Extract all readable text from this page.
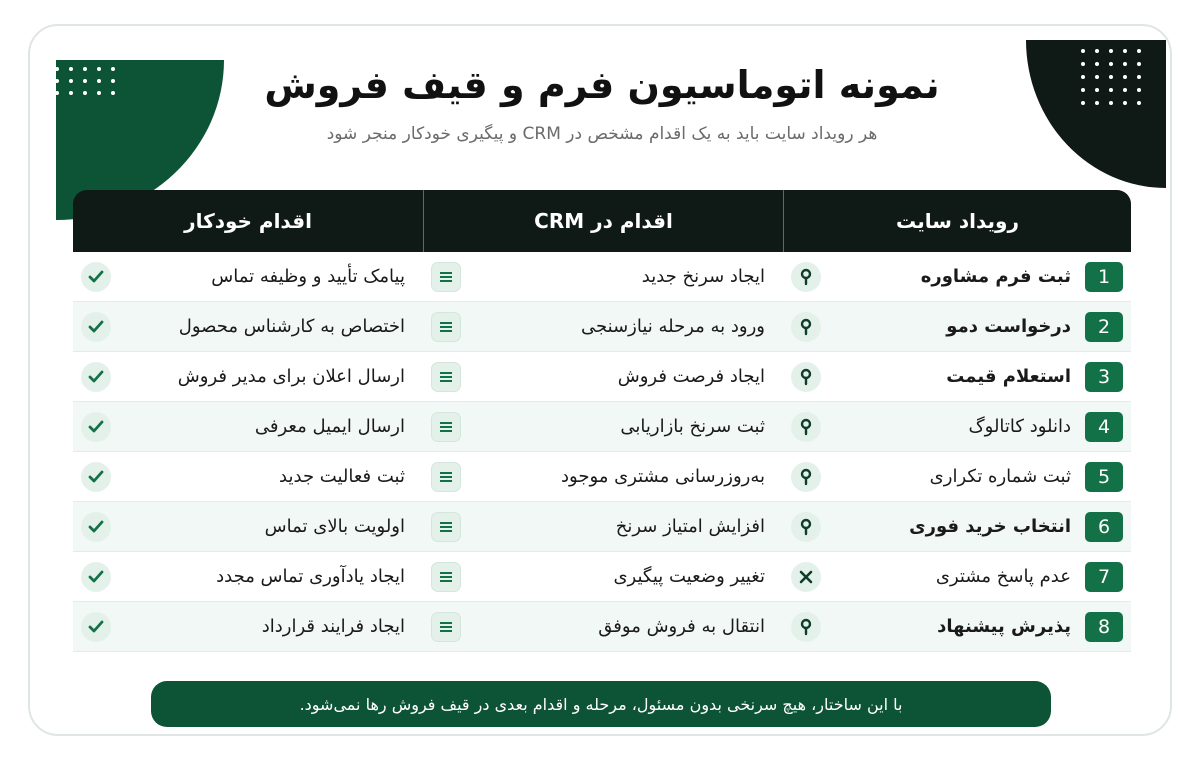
نمونه اتوماسیون فرم و قیف فروش
هر رویداد سایت باید به یک اقدام مشخص در CRM و پیگیری خودکار منجر شود
رویداد سایت
اقدام در CRM
اقدام خودکار
1
ثبت فرم مشاوره
ایجاد سرنخ جدید
پیامک تأیید و وظیفه تماس
2
درخواست دمو
ورود به مرحله نیازسنجی
اختصاص به کارشناس محصول
3
استعلام قیمت
ایجاد فرصت فروش
ارسال اعلان برای مدیر فروش
4
دانلود کاتالوگ
ثبت سرنخ بازاریابی
ارسال ایمیل معرفی
5
ثبت شماره تکراری
به‌روزرسانی مشتری موجود
ثبت فعالیت جدید
6
انتخاب خرید فوری
افزایش امتیاز سرنخ
اولویت بالای تماس
7
عدم پاسخ مشتری
تغییر وضعیت پیگیری
ایجاد یادآوری تماس مجدد
8
پذیرش پیشنهاد
انتقال به فروش موفق
ایجاد فرایند قرارداد
با این ساختار، هیچ سرنخی بدون مسئول، مرحله و اقدام بعدی در قیف فروش رها نمی‌شود.
